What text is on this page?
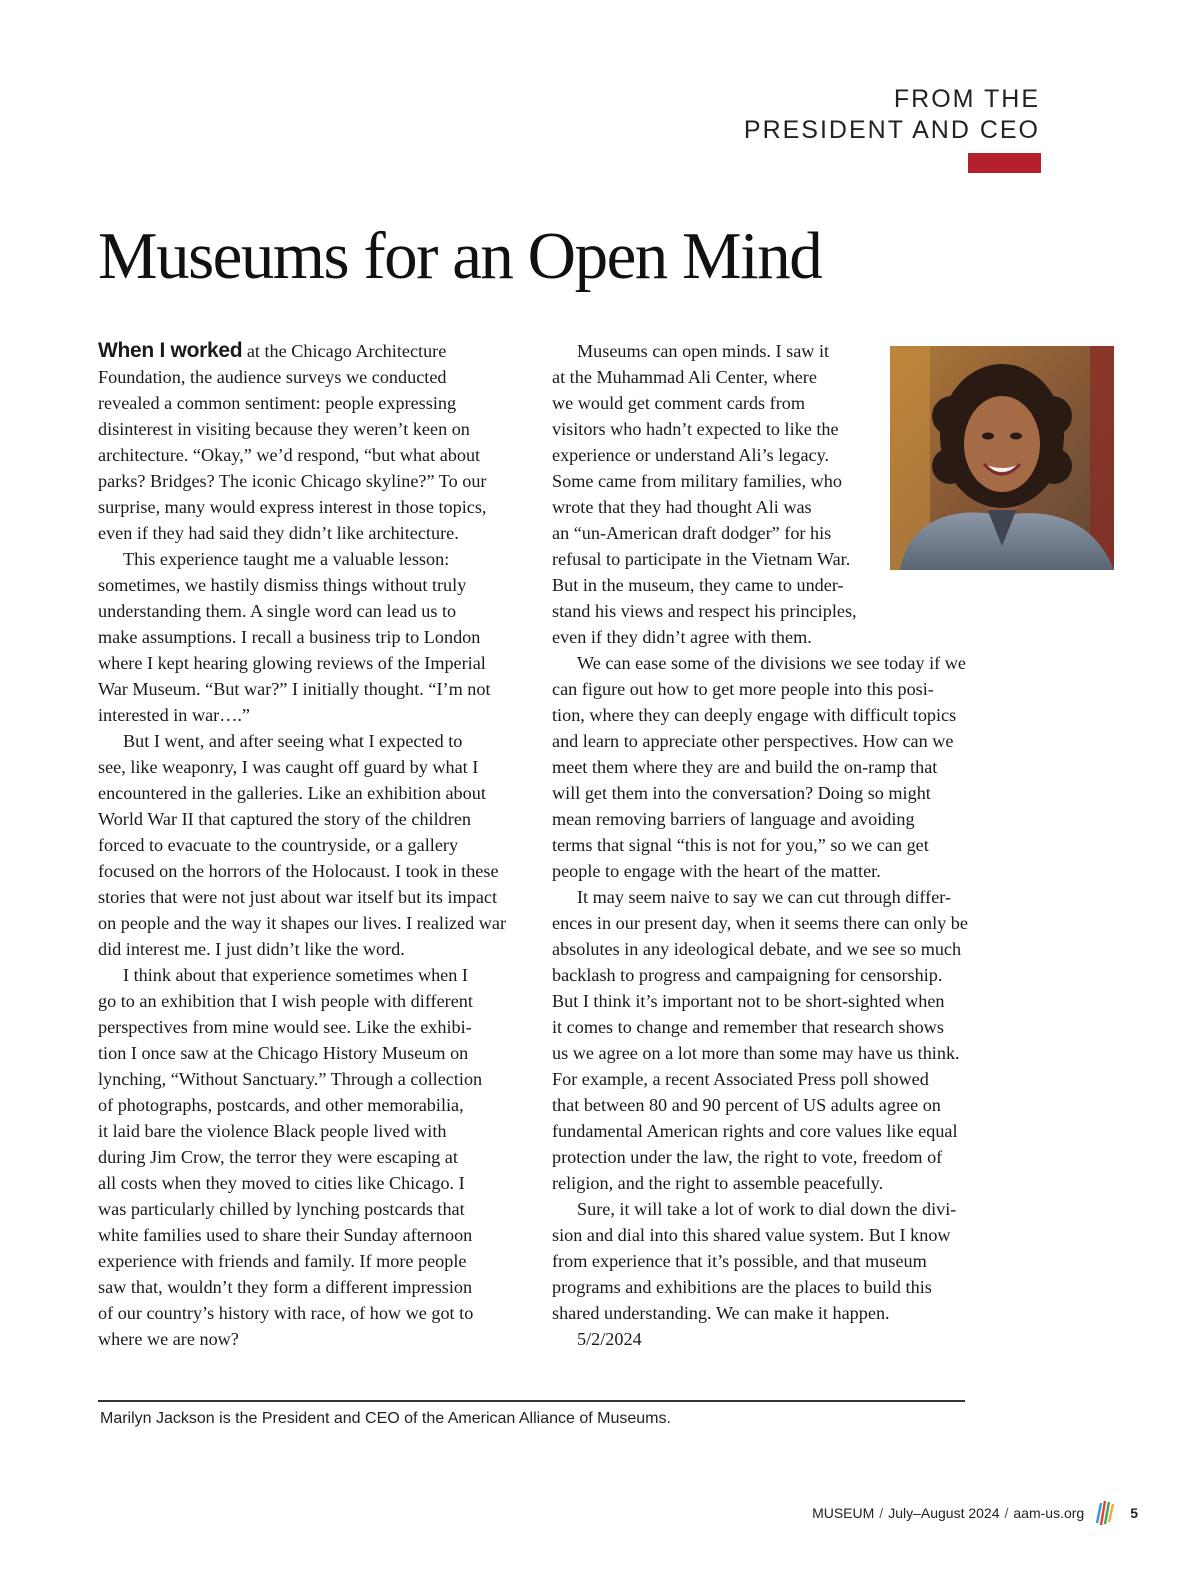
FROM THE
PRESIDENT AND CEO
Museums for an Open Mind
When I worked at the Chicago Architecture
Foundation, the audience surveys we conducted
revealed a common sentiment: people expressing
disinterest in visiting because they weren’t keen on
architecture. “Okay,” we’d respond, “but what about
parks? Bridges? The iconic Chicago skyline?” To our
surprise, many would express interest in those topics,
even if they had said they didn’t like architecture.
This experience taught me a valuable lesson:
sometimes, we hastily dismiss things without truly
understanding them. A single word can lead us to
make assumptions. I recall a business trip to London
where I kept hearing glowing reviews of the Imperial
War Museum. “But war?” I initially thought. “I’m not
interested in war….”
But I went, and after seeing what I expected to
see, like weaponry, I was caught off guard by what I
encountered in the galleries. Like an exhibition about
World War II that captured the story of the children
forced to evacuate to the countryside, or a gallery
focused on the horrors of the Holocaust. I took in these
stories that were not just about war itself but its impact
on people and the way it shapes our lives. I realized war
did interest me. I just didn’t like the word.
I think about that experience sometimes when I
go to an exhibition that I wish people with different
perspectives from mine would see. Like the exhibi-
tion I once saw at the Chicago History Museum on
lynching, “Without Sanctuary.” Through a collection
of photographs, postcards, and other memorabilia,
it laid bare the violence Black people lived with
during Jim Crow, the terror they were escaping at
all costs when they moved to cities like Chicago. I
was particularly chilled by lynching postcards that
white families used to share their Sunday afternoon
experience with friends and family. If more people
saw that, wouldn’t they form a different impression
of our country’s history with race, of how we got to
where we are now?
Museums can open minds. I saw it
at the Muhammad Ali Center, where
we would get comment cards from
visitors who hadn’t expected to like the
experience or understand Ali’s legacy.
Some came from military families, who
wrote that they had thought Ali was
an “un-American draft dodger” for his
refusal to participate in the Vietnam War.
But in the museum, they came to under-
stand his views and respect his principles,
even if they didn’t agree with them.
We can ease some of the divisions we see today if we
can figure out how to get more people into this posi-
tion, where they can deeply engage with difficult topics
and learn to appreciate other perspectives. How can we
meet them where they are and build the on-ramp that
will get them into the conversation? Doing so might
mean removing barriers of language and avoiding
terms that signal “this is not for you,” so we can get
people to engage with the heart of the matter.
It may seem naive to say we can cut through differ-
ences in our present day, when it seems there can only be
absolutes in any ideological debate, and we see so much
backlash to progress and campaigning for censorship.
But I think it’s important not to be short-sighted when
it comes to change and remember that research shows
us we agree on a lot more than some may have us think.
For example, a recent Associated Press poll showed
that between 80 and 90 percent of US adults agree on
fundamental American rights and core values like equal
protection under the law, the right to vote, freedom of
religion, and the right to assemble peacefully.
Sure, it will take a lot of work to dial down the divi-
sion and dial into this shared value system. But I know
from experience that it’s possible, and that museum
programs and exhibitions are the places to build this
shared understanding. We can make it happen.
5/2/2024
Marilyn Jackson is the President and CEO of the American Alliance of Museums.
MUSEUM / July–August 2024 / aam-us.org	5
